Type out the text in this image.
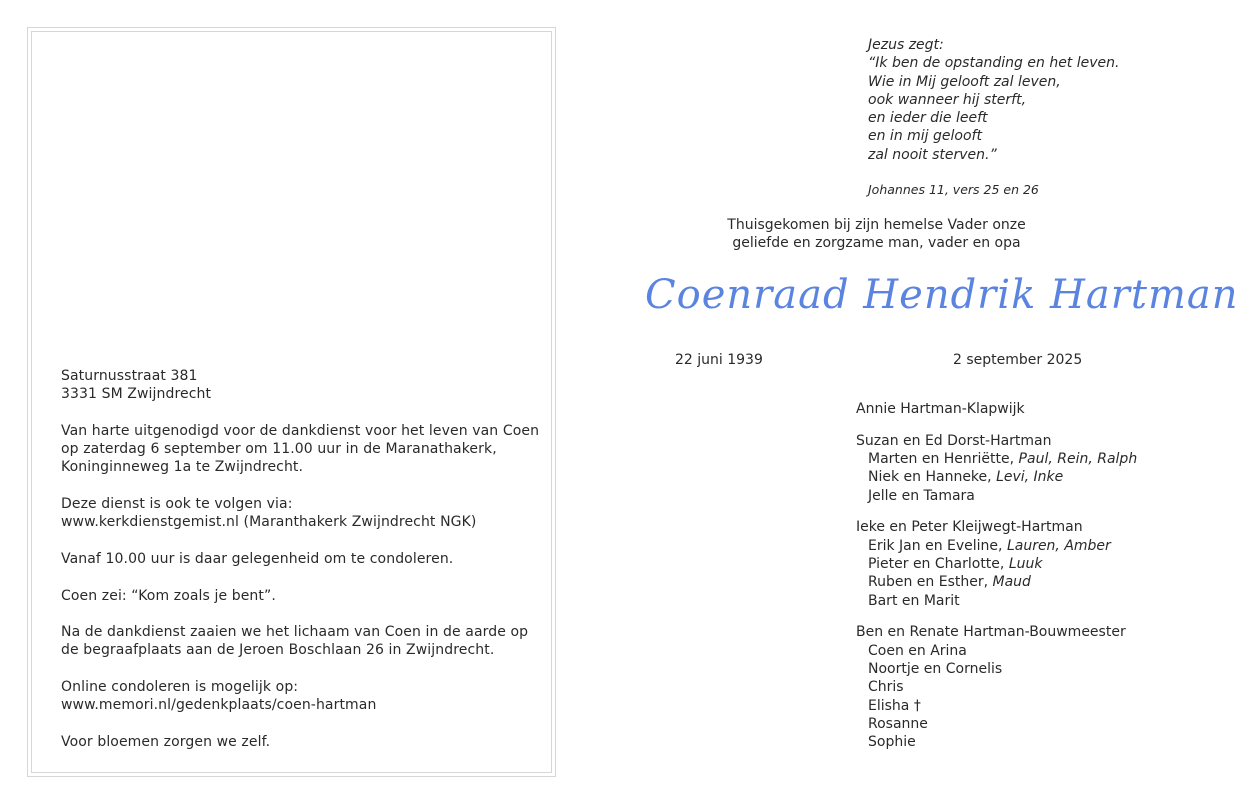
Saturnusstraat 381
3331 SM Zwijndrecht

Van harte uitgenodigd voor de dankdienst voor het leven van Coen
op zaterdag 6 september om 11.00 uur in de Maranathakerk,
Koninginneweg 1a te Zwijndrecht.

Deze dienst is ook te volgen via:
www.kerkdienstgemist.nl (Maranthakerk Zwijndrecht NGK)

Vanaf 10.00 uur is daar gelegenheid om te condoleren.

Coen zei: “Kom zoals je bent”.

Na de dankdienst zaaien we het lichaam van Coen in de aarde op
de begraafplaats aan de Jeroen Boschlaan 26 in Zwijndrecht.

Online condoleren is mogelijk op:
www.memori.nl/gedenkplaats/coen-hartman

Voor bloemen zorgen we zelf.

Jezus zegt:
“Ik ben de opstanding en het leven.
Wie in Mij gelooft zal leven,
ook wanneer hij sterft,
en ieder die leeft
en in mij gelooft
zal nooit sterven.”
Johannes 11, vers 25 en 26
Thuisgekomen bij zijn hemelse Vader onze
geliefde en zorgzame man, vader en opa
Coenraad Hendrik Hartman
22 juni 1939	2 september 2025
Annie Hartman-Klapwijk
Suzan en Ed Dorst-Hartman
Marten en Henriëtte, Paul, Rein, Ralph
Niek en Hanneke, Levi, Inke
Jelle en Tamara
Ieke en Peter Kleijwegt-Hartman
Erik Jan en Eveline, Lauren, Amber
Pieter en Charlotte, Luuk
Ruben en Esther, Maud
Bart en Marit
Ben en Renate Hartman-Bouwmeester
Coen en Arina
Noortje en Cornelis
Chris
Elisha †
Rosanne
Sophie
